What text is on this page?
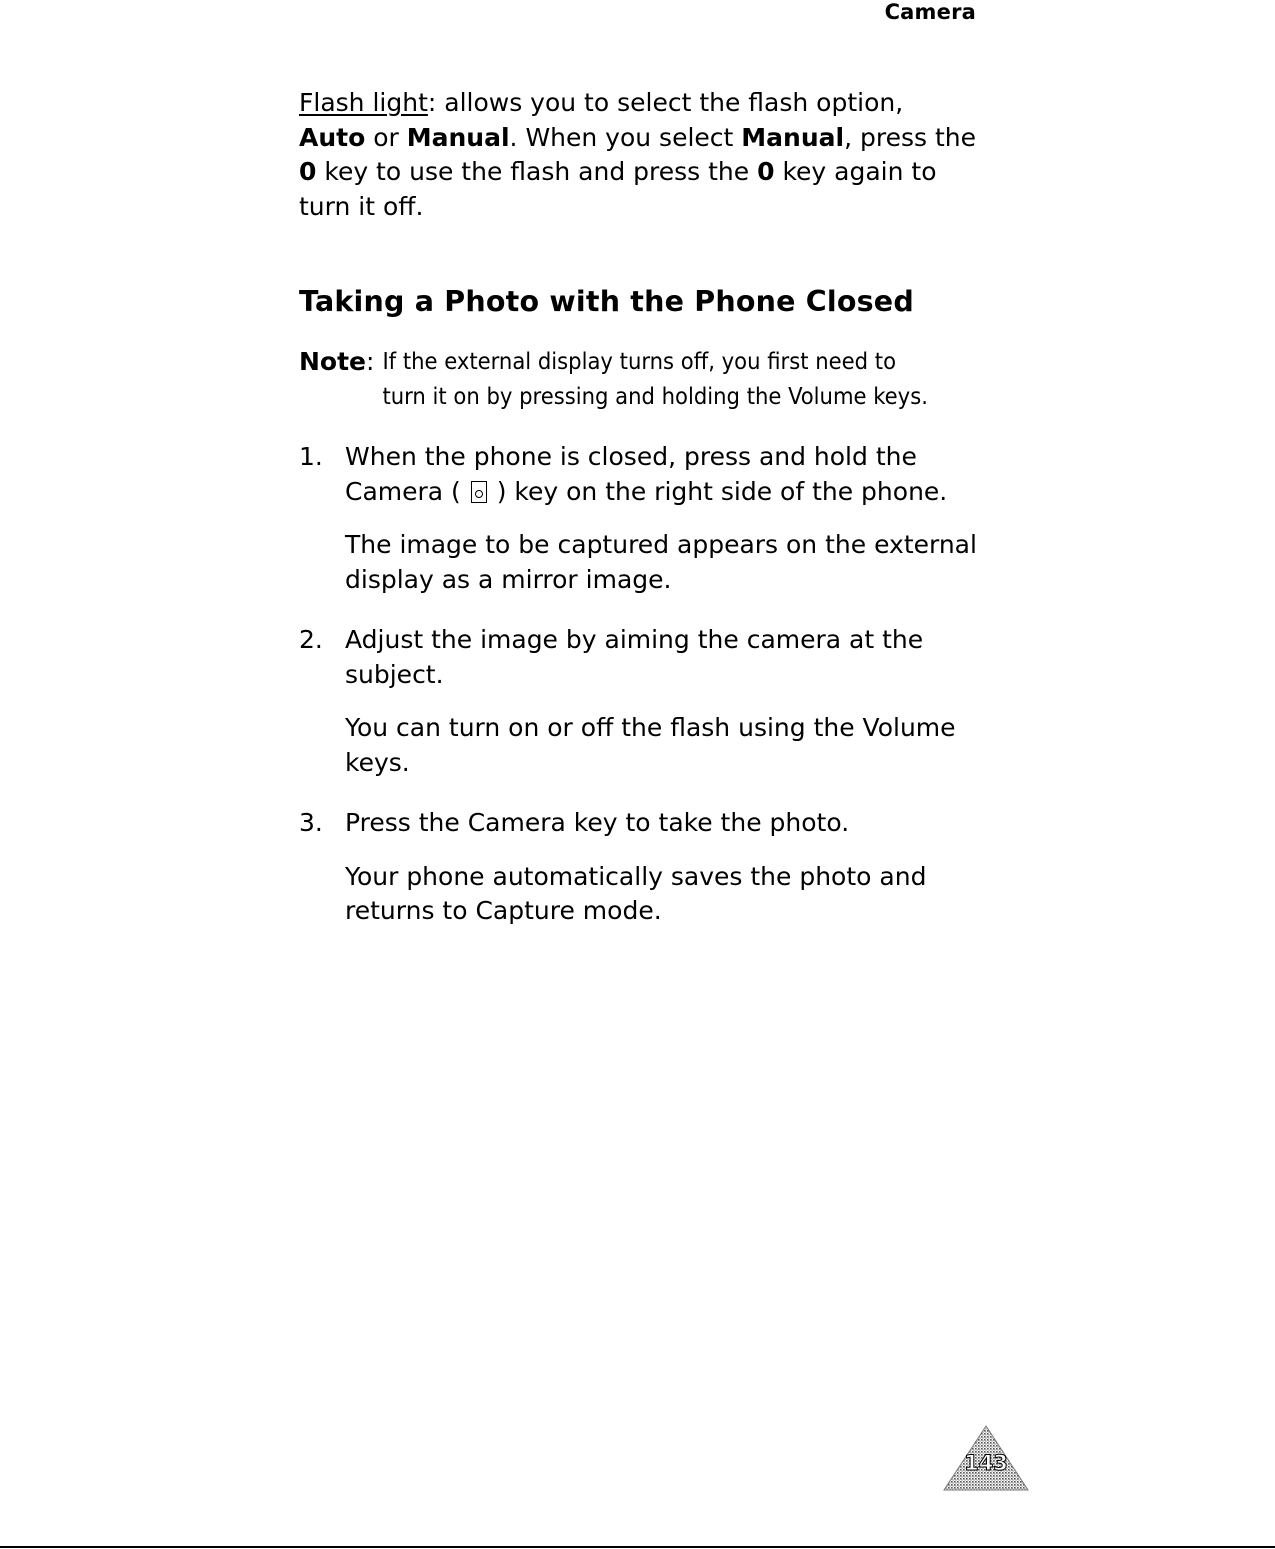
Camera

Flash light: allows you to select the flash option,
Auto or Manual. When you select Manual, press the 0 key to use the flash and press the 0 key again to turn it off.

Taking a Photo with the Phone Closed
Note: If the external display turns off, you first need to turn it on by pressing and holding the Volume keys.
1. When the phone is closed, press and hold the Camera (  ) key on the right side of the phone.

The image to be captured appears on the external display as a mirror image.

2. Adjust the image by aiming the camera at the subject.

You can turn on or off the flash using the Volume keys.

3. Press the Camera key to take the photo.

Your phone automatically saves the photo and returns to Capture mode.

143
